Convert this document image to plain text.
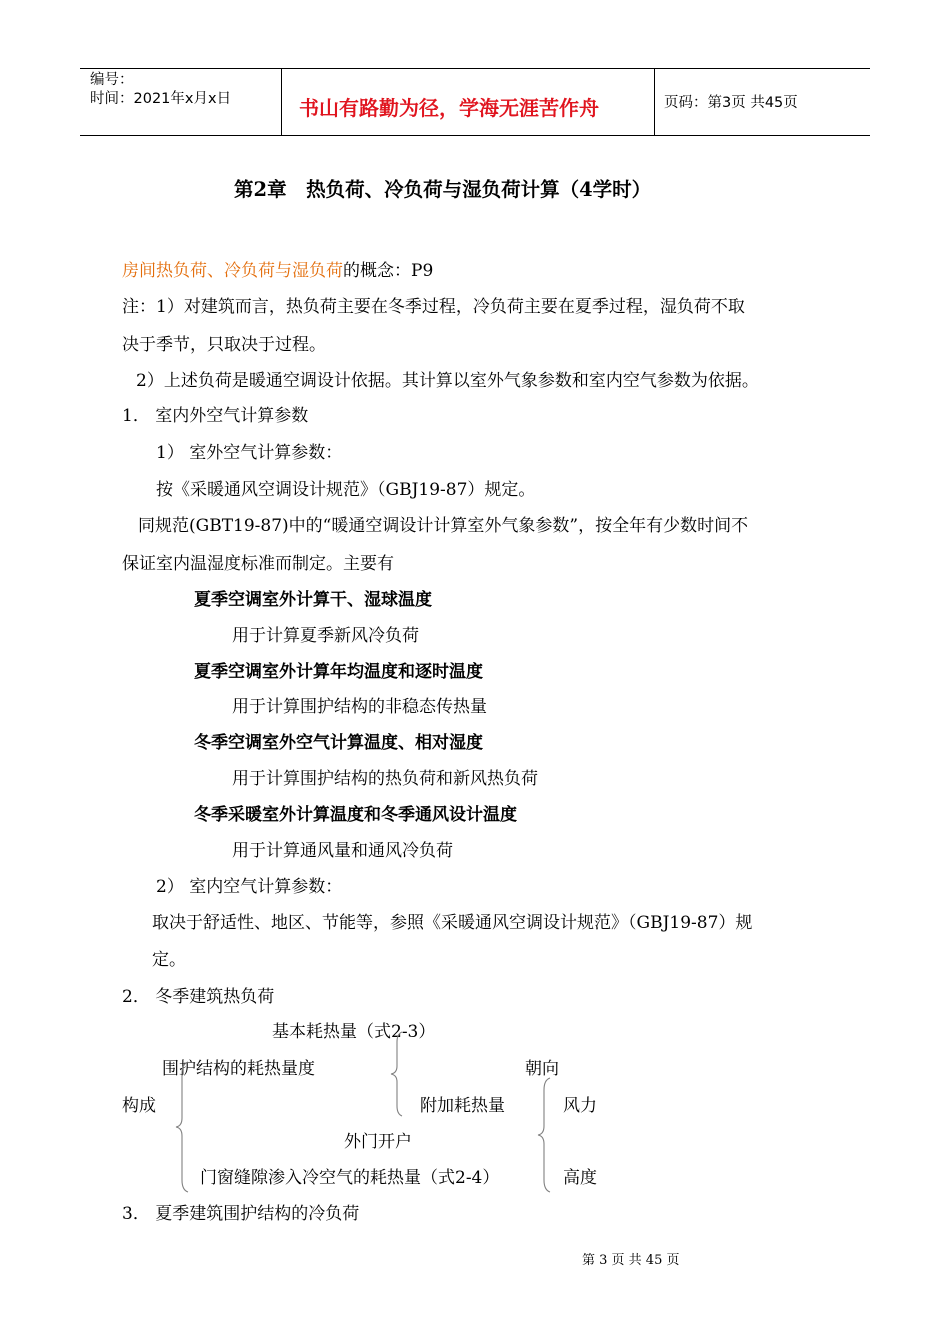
编号：
时间：2021年x月x日	书山有路勤为径，学海无涯苦作舟	页码：第3页 共45页
第2章　热负荷、冷负荷与湿负荷计算（4学时）
房间热负荷、冷负荷与湿负荷的概念：P9
注：1）对建筑而言，热负荷主要在冬季过程，冷负荷主要在夏季过程，湿负荷不取
决于季节，只取决于过程。
2）上述负荷是暖通空调设计依据。其计算以室外气象参数和室内空气参数为依据。
1． 室内外空气计算参数
1） 室外空气计算参数：
按《采暖通风空调设计规范》（GBJ19-87）规定。
同规范(GBT19-87)中的“暖通空调设计计算室外气象参数”，按全年有少数时间不
保证室内温湿度标准而制定。主要有
夏季空调室外计算干、湿球温度
用于计算夏季新风冷负荷
夏季空调室外计算年均温度和逐时温度
用于计算围护结构的非稳态传热量
冬季空调室外空气计算温度、相对湿度
用于计算围护结构的热负荷和新风热负荷
冬季采暖室外计算温度和冬季通风设计温度
用于计算通风量和通风冷负荷
2） 室内空气计算参数：
取决于舒适性、地区、节能等，参照《采暖通风空调设计规范》（GBJ19-87）规
定。
2． 冬季建筑热负荷
基本耗热量（式2-3）
围护结构的耗热量度	朝向
构成	附加耗热量	风力
外门开户
门窗缝隙渗入冷空气的耗热量（式2-4）	高度
3． 夏季建筑围护结构的冷负荷
第 3 页 共 45 页
